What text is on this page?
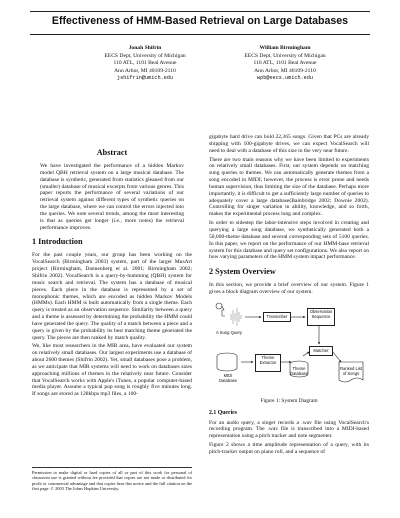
Effectiveness of HMM-Based Retrieval on Large Databases
Jonah Shifrin
EECS Dept, University of Michigan
110 ATL, 1101 Beal Avenue
Ann Arbor, MI 48109-2110
jshifrin@umich.edu
William Birmingham
EECS Dept, University of Michigan
110 ATL, 1101 Beal Avenue
Ann Arbor, MI 48109-2110
wpb@eecs.umich.edu
Abstract
We have investigated the performance of a hidden Markov model QBH retrieval system on a large musical database. The database is synthetic, generated from statistics gleaned from our (smaller) database of musical excerpts from various genres. This paper reports the performance of several variations of our retrieval system against different types of synthetic queries on the large database, where we can control the errors injected into the queries. We note several trends, among the most interesting is that as queries get longer (i.e., more notes) the retrieval performance improves.
1 Introduction

For the past couple years, our group has been working on the VocalSearch (Birmingham 2003) system, part of the larger MusArt project (Birmingham, Dannenberg et al. 2001; Birmingham 2002; Shifrin 2002). VocalSearch is a query-by-humming (QBH) system for music search and retrieval. The system has a database of musical pieces. Each piece in the database is represented by a set of monophonic themes, which are encoded as hidden Markov Models (HMMs). Each HMM is built automatically from a single theme. Each query is treated as an observation sequence. Similarity between a query and a theme is assessed by determining the probability the HMM could have generated the query. The quality of a match between a piece and a query is given by the probability its best matching theme generated the query. The pieces are then ranked by match quality.

We, like most researchers in the MIR area, have evaluated our system on relatively small databases. Our largest experiments use a database of about 2600 themes (Shifrin 2002). Yet, small databases pose a problem, as we anticipate that MIR systems will need to work on databases sizes approaching millions of themes in the relatively near future. Consider that VocalSearch works with Apple's iTunes, a popular computer-based media player. Assume a typical pop song is roughly five minutes long. If songs are stored as 128kbps mp3 files, a 100-

Permission to make digital or hard copies of all or part of this work for personal of classroom use is granted without fee provided that copies are not made or distributed for profit or commercial advantage and that copies bear this notice and the full citation on the first page. © 2003 The Johns Hopkins University.

gigabyte hard drive can hold 22,365 songs. Given that PCs are already shipping with 100-gigabyte drives, we can expect VocalSearch will need to deal with a database of this size in the very near future.

There are two main reasons why we have been limited to experiments on relatively small databases. First, our system depends on matching sung queries to themes. We can automatically generate themes from a song encoded in MIDI; however, the process is error prone and needs human supervision, thus limiting the size of the database. Perhaps more importantly, it is difficult to get a sufficiently large number of queries to adequately cover a large database(Bainbridge 2002; Downie 2002). Controlling for singer variation in ability, knowledge, and so forth, makes the experimental process long and complex.

In order to sidestep the labor-intensive steps involved in creating and querying a large song database, we synthetically generated both a 50,000-theme database and several corresponding sets of 5100 queries. In this paper, we report on the performance of our HMM-base retrieval system for this database and query set configurations. We also report on how varying parameters of the HMM system impact performance.

2 System Overview

In this section, we provide a brief overview of our system. Figure 1 gives a block diagram overview of our system.

A Sung Query
Transcriber
Observation Sequence
MIDI Database
Theme Extractor
Matcher
Theme Database
Ranked List of Songs
Figure 1: System Diagram
2.1 Queries

For an audio query, a singer records a .wav file using VocalSearch's recording program. The .wav file is transcribed into a MIDI-based representation using a pitch tracker and note segmenter.

Figure 2 shows a time amplitude representation of a query, with its pitch-tracker output on piano roll, and a sequence of
